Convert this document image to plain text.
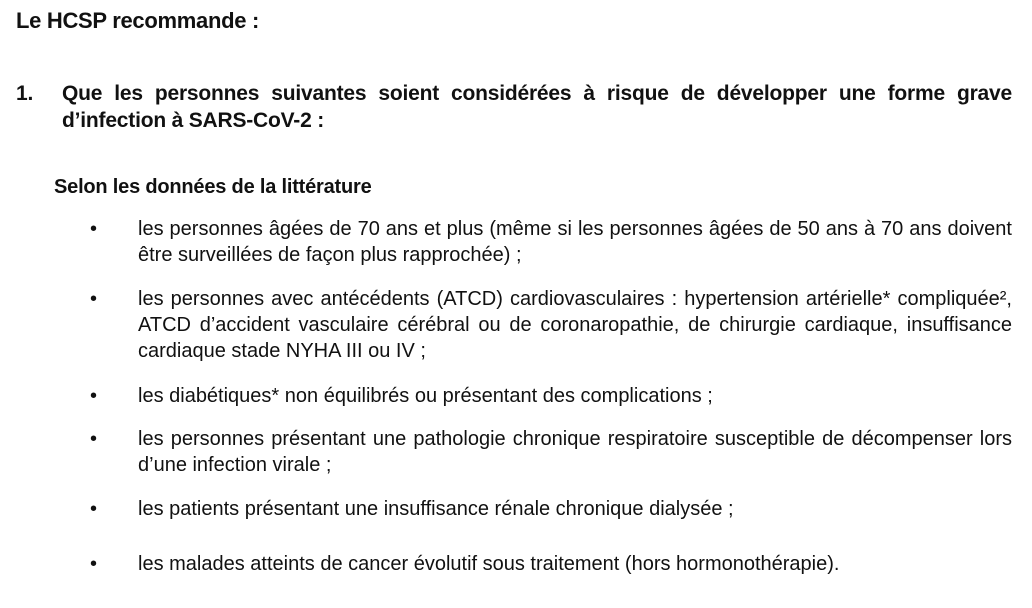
Le HCSP recommande :
1.	Que les personnes suivantes soient considérées à risque de développer une forme grave d’infection à SARS-CoV-2 :
Selon les données de la littérature
•	les personnes âgées de 70 ans et plus (même si les personnes âgées de 50 ans à 70 ans doivent être surveillées de façon plus rapprochée) ;
•	les personnes avec antécédents (ATCD) cardiovasculaires : hypertension artérielle* compliquée², ATCD d’accident vasculaire cérébral ou de coronaropathie, de chirurgie cardiaque, insuffisance cardiaque stade NYHA III ou IV ;
•	les diabétiques* non équilibrés ou présentant des complications ;
•	les personnes présentant une pathologie chronique respiratoire susceptible de décompenser lors d’une infection virale ;
•	les patients présentant une insuffisance rénale chronique dialysée ;
•	les malades atteints de cancer évolutif sous traitement (hors hormonothérapie).
